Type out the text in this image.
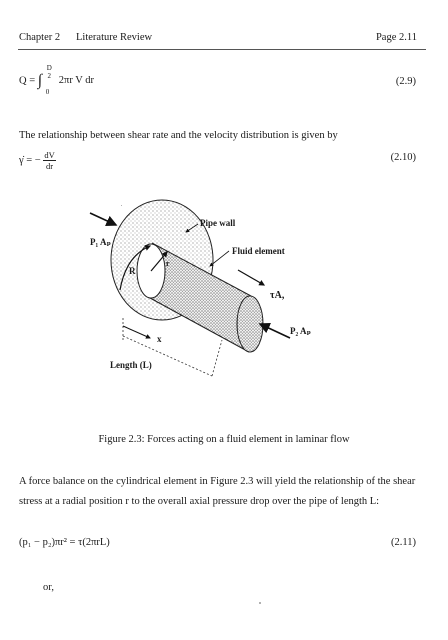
Chapter 2 Literature Review	Page 2.11
Q = ∫
D
2
0
2πr V dr	(2.9)
The relationship between shear rate and the velocity distribution is given by
γ̇ = − $\frac{dV}{dr}$	(2.10)
P₁ Aₚ
Pipe wall
Fluid element
τA,
P₂ Aₚ
R
r
x
Length (L)
Figure 2.3: Forces acting on a fluid element in laminar flow
A force balance on the cylindrical element in Figure 2.3 will yield the relationship of the shear stress at a radial position r to the overall axial pressure drop over the pipe of length L:
(p₁ − p₂)πr² = τ(2πrL)	(2.11)
or,
